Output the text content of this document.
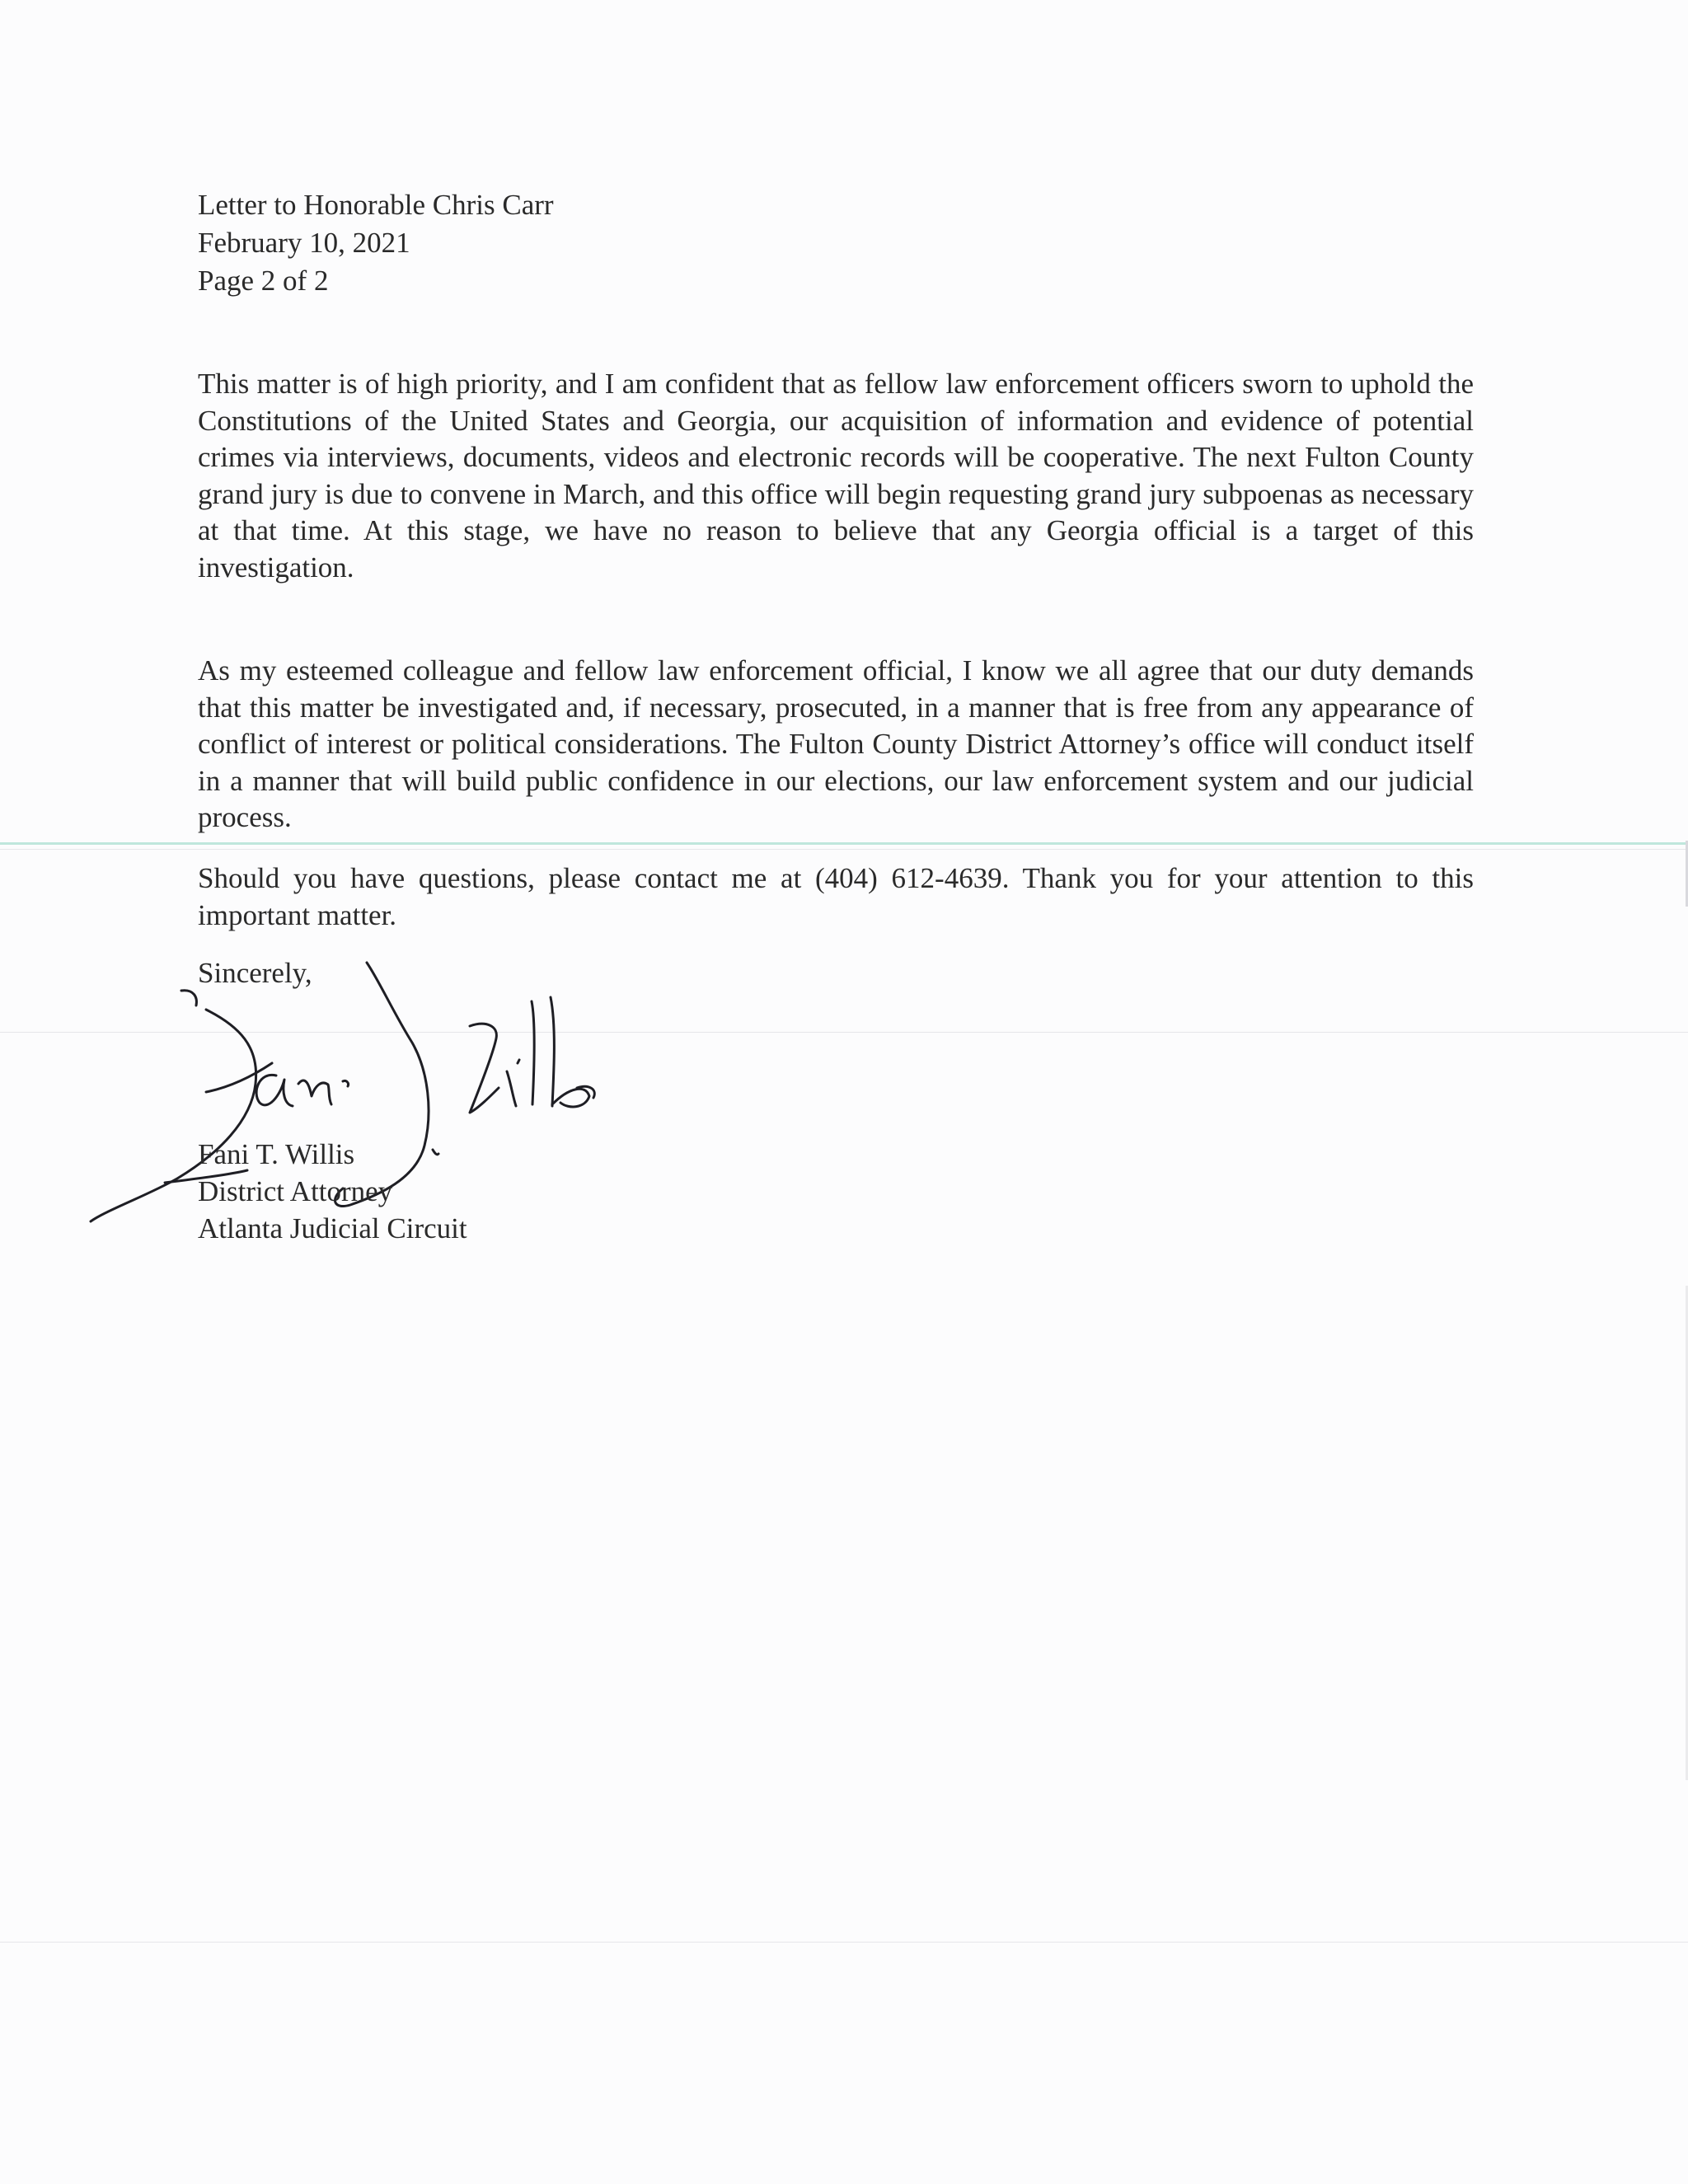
Letter to Honorable Chris Carr
February 10, 2021
Page 2 of 2

This matter is of high priority, and I am confident that as fellow law enforcement officers sworn to uphold the Constitutions of the United States and Georgia, our acquisition of information and evidence of potential crimes via interviews, documents, videos and electronic records will be cooperative. The next Fulton County grand jury is due to convene in March, and this office will begin requesting grand jury subpoenas as necessary at that time. At this stage, we have no reason to believe that any Georgia official is a target of this investigation.

As my esteemed colleague and fellow law enforcement official, I know we all agree that our duty demands that this matter be investigated and, if necessary, prosecuted, in a manner that is free from any appearance of conflict of interest or political considerations. The Fulton County District Attorney’s office will conduct itself in a manner that will build public confidence in our elections, our law enforcement system and our judicial process.

Should you have questions, please contact me at (404) 612-4639. Thank you for your attention to this important matter.

Sincerely,
Fani T. Willis
District Attorney
Atlanta Judicial Circuit
